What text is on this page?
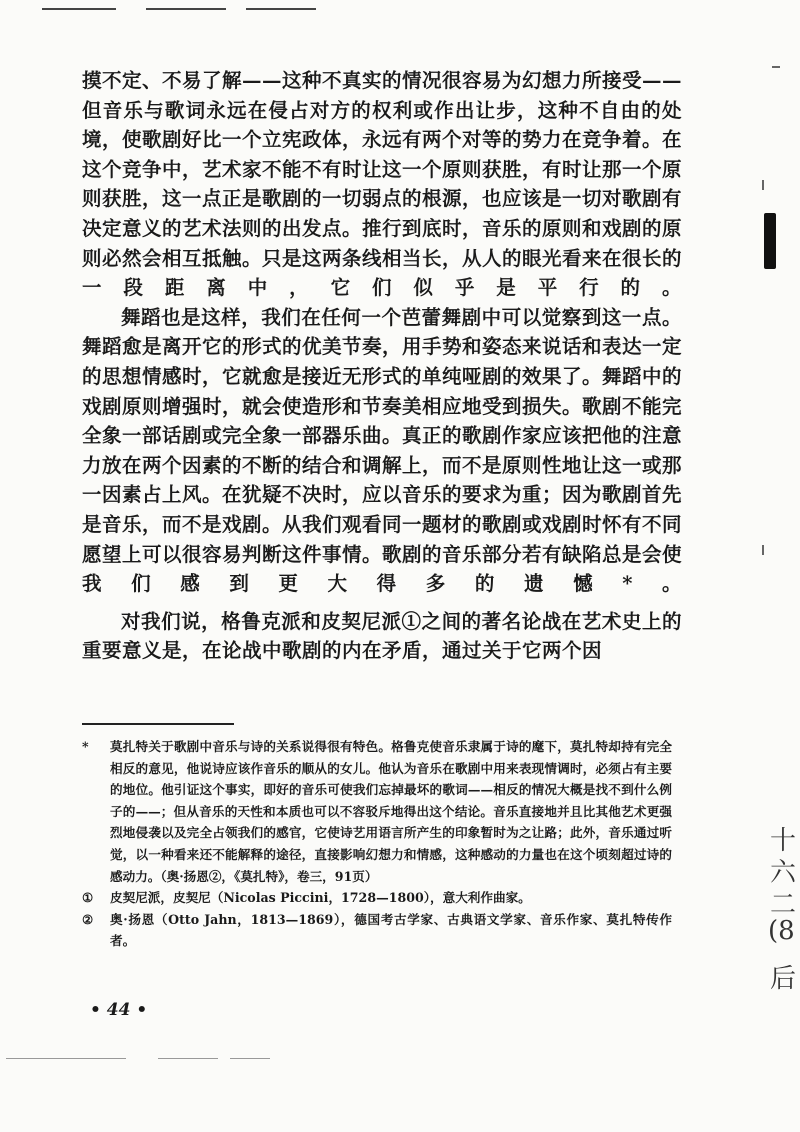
摸不定、不易了解——这种不真实的情况很容易为幻想力所接受——但音乐与歌词永远在侵占对方的权利或作出让步，这种不自由的处境，使歌剧好比一个立宪政体，永远有两个对等的势力在竞争着。在这个竞争中，艺术家不能不有时让这一个原则获胜，有时让那一个原则获胜，这一点正是歌剧的一切弱点的根源，也应该是一切对歌剧有决定意义的艺术法则的出发点。推行到底时，音乐的原则和戏剧的原则必然会相互抵触。只是这两条线相当长，从人的眼光看来在很长的一段距离中，它们似乎是平行的。

舞蹈也是这样，我们在任何一个芭蕾舞剧中可以觉察到这一点。舞蹈愈是离开它的形式的优美节奏，用手势和姿态来说话和表达一定的思想情感时，它就愈是接近无形式的单纯哑剧的效果了。舞蹈中的戏剧原则增强时，就会使造形和节奏美相应地受到损失。歌剧不能完全象一部话剧或完全象一部器乐曲。真正的歌剧作家应该把他的注意力放在两个因素的不断的结合和调解上，而不是原则性地让这一或那一因素占上风。在犹疑不决时，应以音乐的要求为重；因为歌剧首先是音乐，而不是戏剧。从我们观看同一题材的歌剧或戏剧时怀有不同愿望上可以很容易判断这件事情。歌剧的音乐部分若有缺陷总是会使我们感到更大得多的遗憾*。

对我们说，格鲁克派和皮契尼派①之间的著名论战在艺术史上的重要意义是，在论战中歌剧的内在矛盾，通过关于它两个因

*	莫扎特关于歌剧中音乐与诗的关系说得很有特色。格鲁克使音乐隶属于诗的麾下，莫扎特却持有完全相反的意见，他说诗应该作音乐的顺从的女儿。他认为音乐在歌剧中用来表现情调时，必须占有主要的地位。他引证这个事实，即好的音乐可使我们忘掉最坏的歌词——相反的情况大概是找不到什么例子的——；但从音乐的天性和本质也可以不容驳斥地得出这个结论。音乐直接地并且比其他艺术更强烈地侵袭以及完全占领我们的感官，它使诗艺用语言所产生的印象暂时为之让路；此外，音乐通过听觉，以一种看来还不能解释的途径，直接影响幻想力和情感，这种感动的力量也在这个顷刻超过诗的感动力。（奥·扬恩②，《莫扎特》，卷三，91页）
①	皮契尼派，皮契尼（Nicolas Piccini，1728—1800），意大利作曲家。
②	奥·扬恩（Otto Jahn，1813—1869），德国考古学家、古典语文学家、音乐作家、莫扎特传作者。
• 44 •
十
六
二
(8
后
